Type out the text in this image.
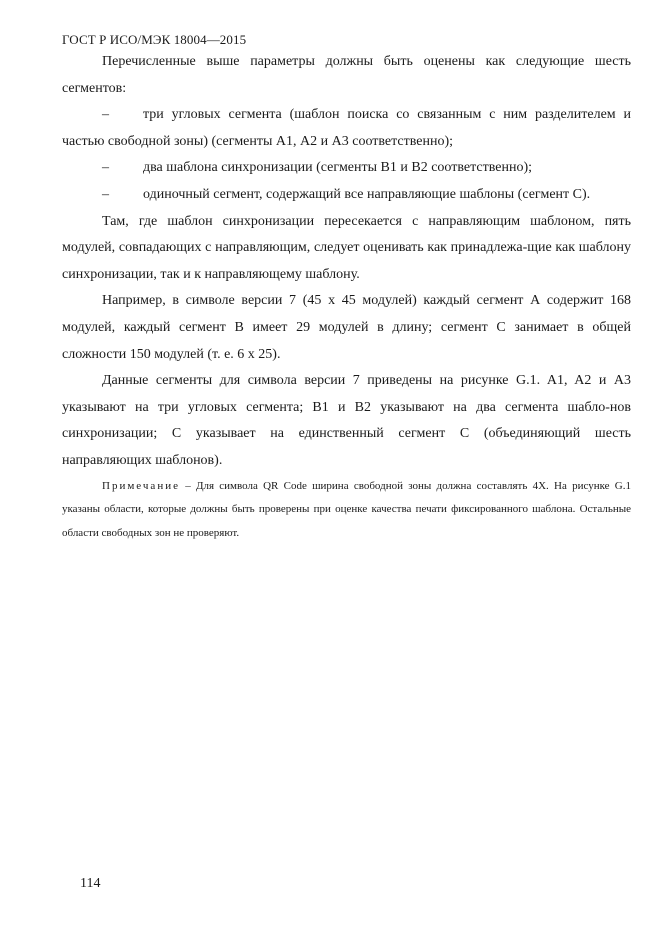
ГОСТ Р ИСО/МЭК 18004—2015

Перечисленные выше параметры должны быть оценены как следующие шесть сегментов:

– три угловых сегмента (шаблон поиска со связанным с ним разделителем и частью свободной зоны) (сегменты А1, А2 и А3 соответственно);

– два шаблона синхронизации (сегменты В1 и В2 соответственно);

– одиночный сегмент, содержащий все направляющие шаблоны (сегмент С).

Там, где шаблон синхронизации пересекается с направляющим шаблоном, пять модулей, совпадающих с направляющим, следует оценивать как принадлежа-щие как шаблону синхронизации, так и к направляющему шаблону.

Например, в символе версии 7 (45 x 45 модулей) каждый сегмент А содержит 168 модулей, каждый сегмент В имеет 29 модулей в длину; сегмент С занимает в общей сложности 150 модулей (т. е. 6 x 25).

Данные сегменты для символа версии 7 приведены на рисунке G.1. A1, A2 и А3 указывают на три угловых сегмента; В1 и В2 указывают на два сегмента шабло-нов синхронизации; С указывает на единственный сегмент С (объединяющий шесть направляющих шаблонов).

Примечание – Для символа QR Code ширина свободной зоны должна составлять 4X. На рисунке G.1 указаны области, которые должны быть проверены при оценке качества печати фиксированного шаблона. Остальные области свободных зон не проверяют.

114
